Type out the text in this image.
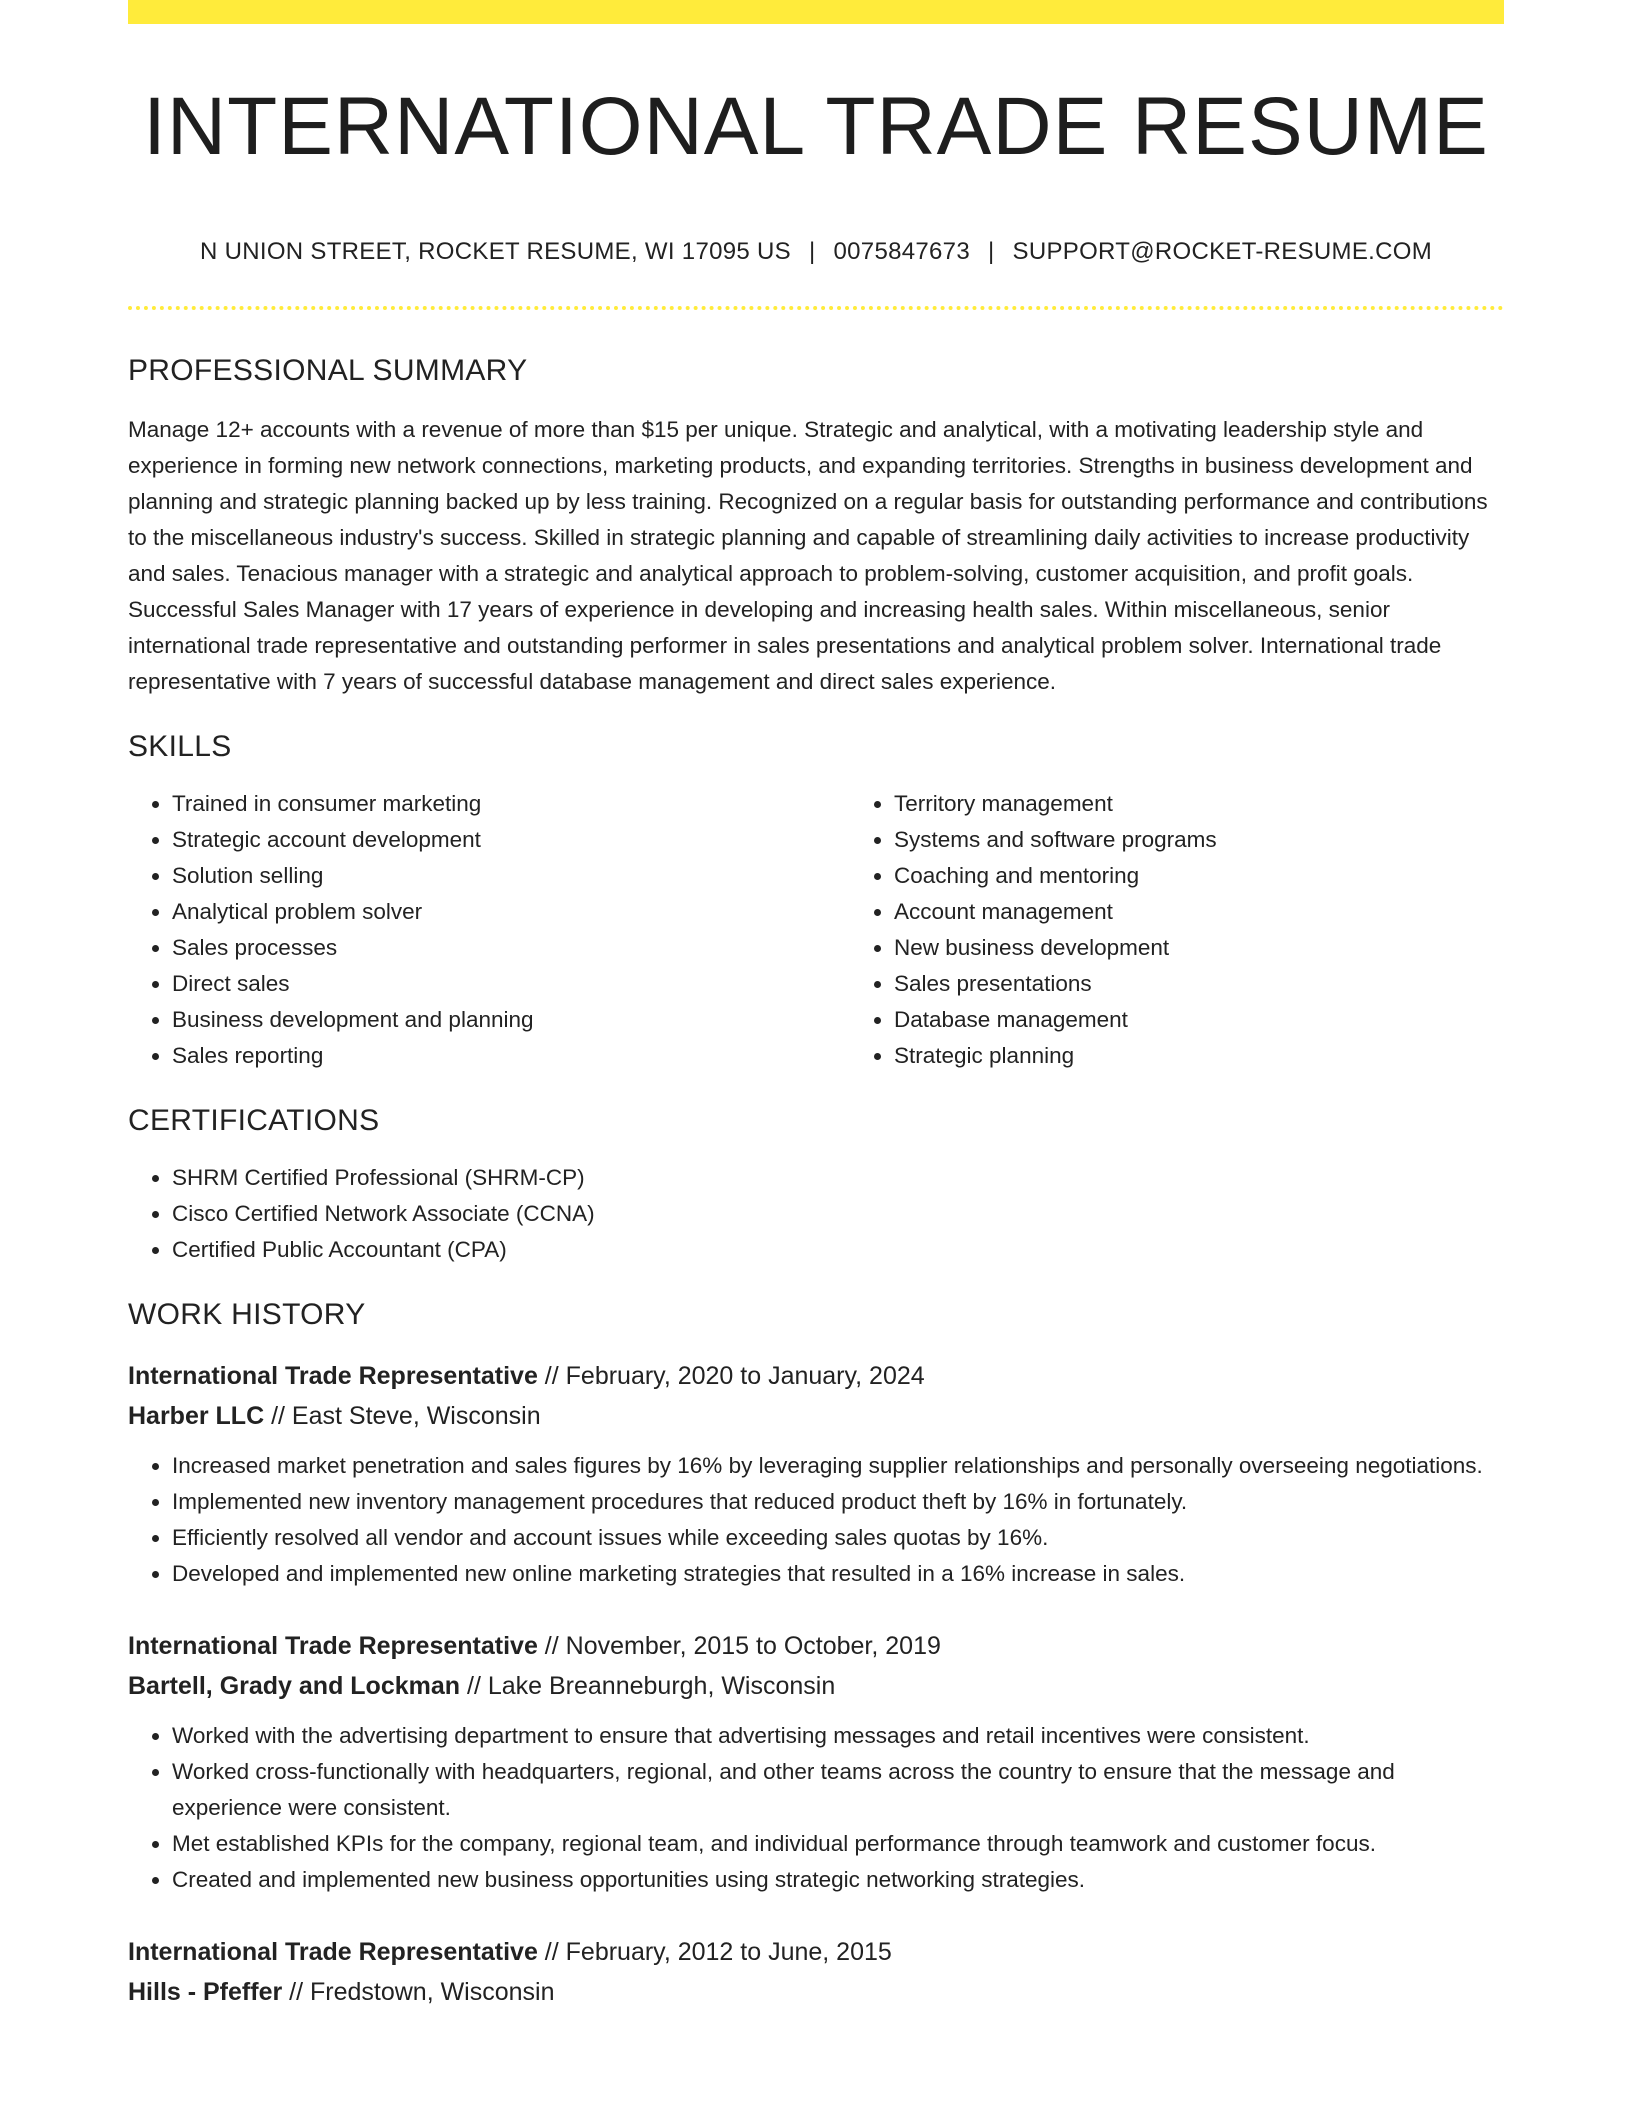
INTERNATIONAL TRADE RESUME
N UNION STREET, ROCKET RESUME, WI 17095 US | 0075847673 | SUPPORT@ROCKET-RESUME.COM
PROFESSIONAL SUMMARY
Manage 12+ accounts with a revenue of more than $15 per unique. Strategic and analytical, with a motivating leadership style and experience in forming new network connections, marketing products, and expanding territories. Strengths in business development and planning and strategic planning backed up by less training. Recognized on a regular basis for outstanding performance and contributions to the miscellaneous industry's success. Skilled in strategic planning and capable of streamlining daily activities to increase productivity and sales. Tenacious manager with a strategic and analytical approach to problem-solving, customer acquisition, and profit goals. Successful Sales Manager with 17 years of experience in developing and increasing health sales. Within miscellaneous, senior international trade representative and outstanding performer in sales presentations and analytical problem solver. International trade representative with 7 years of successful database management and direct sales experience.
SKILLS
• Trained in consumer marketing
• Strategic account development
• Solution selling
• Analytical problem solver
• Sales processes
• Direct sales
• Business development and planning
• Sales reporting
• Territory management
• Systems and software programs
• Coaching and mentoring
• Account management
• New business development
• Sales presentations
• Database management
• Strategic planning
CERTIFICATIONS
• SHRM Certified Professional (SHRM-CP)
• Cisco Certified Network Associate (CCNA)
• Certified Public Accountant (CPA)
WORK HISTORY
International Trade Representative // February, 2020 to January, 2024
Harber LLC // East Steve, Wisconsin
• Increased market penetration and sales figures by 16% by leveraging supplier relationships and personally overseeing negotiations.
• Implemented new inventory management procedures that reduced product theft by 16% in fortunately.
• Efficiently resolved all vendor and account issues while exceeding sales quotas by 16%.
• Developed and implemented new online marketing strategies that resulted in a 16% increase in sales.
International Trade Representative // November, 2015 to October, 2019
Bartell, Grady and Lockman // Lake Breanneburgh, Wisconsin
• Worked with the advertising department to ensure that advertising messages and retail incentives were consistent.
• Worked cross-functionally with headquarters, regional, and other teams across the country to ensure that the message and experience were consistent.
• Met established KPIs for the company, regional team, and individual performance through teamwork and customer focus.
• Created and implemented new business opportunities using strategic networking strategies.
International Trade Representative // February, 2012 to June, 2015
Hills - Pfeffer // Fredstown, Wisconsin
